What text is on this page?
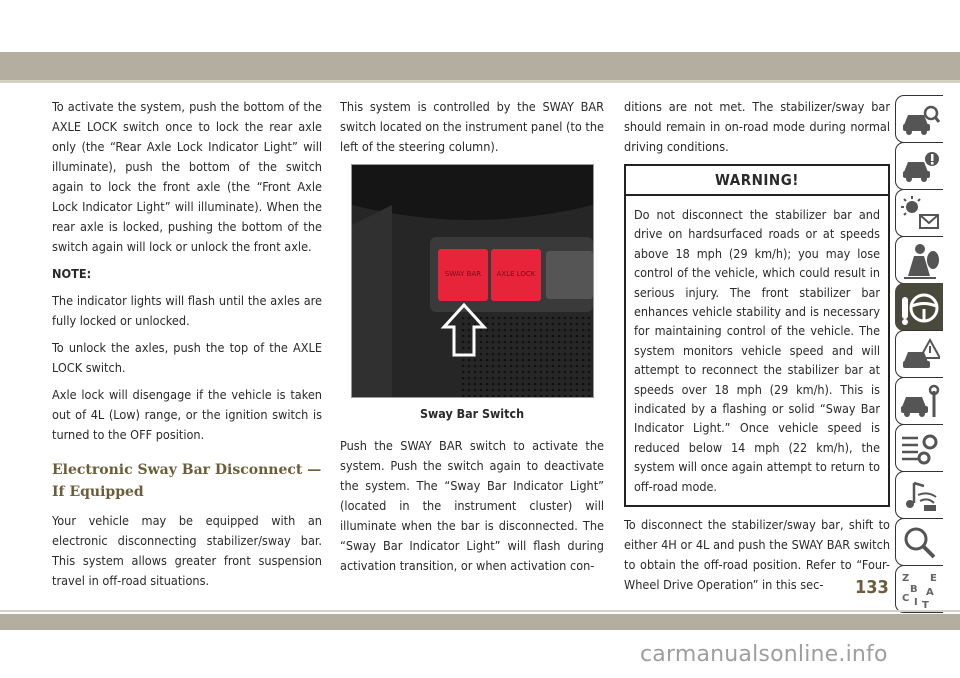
To activate the system, push the bottom of the AXLE LOCK switch once to lock the rear axle only (the “Rear Axle Lock Indicator Light” will illuminate), push the bottom of the switch again to lock the front axle (the “Front Axle Lock Indicator Light” will illuminate). When the rear axle is locked, pushing the bottom of the switch again will lock or unlock the front axle.

NOTE:

The indicator lights will flash until the axles are fully locked or unlocked.

To unlock the axles, push the top of the AXLE LOCK switch.

Axle lock will disengage if the vehicle is taken out of 4L (Low) range, or the ignition switch is turned to the OFF position.

Electronic Sway Bar Disconnect — If Equipped

Your vehicle may be equipped with an electronic disconnecting stabilizer/sway bar. This system allows greater front suspension travel in off-road situations.

This system is controlled by the SWAY BAR switch located on the instrument panel (to the left of the steering column).

SWAY BAR AXLE LOCK
Sway Bar Switch

Push the SWAY BAR switch to activate the system. Push the switch again to deactivate the system. The “Sway Bar Indicator Light” (located in the instrument cluster) will illuminate when the bar is disconnected. The “Sway Bar Indicator Light” will flash during activation transition, or when activation con-

ditions are not met. The stabilizer/sway bar should remain in on-road mode during normal driving conditions.

WARNING!
Do not disconnect the stabilizer bar and drive on hardsurfaced roads or at speeds above 18 mph (29 km/h); you may lose control of the vehicle, which could result in serious injury. The front stabilizer bar enhances vehicle stability and is necessary for maintaining control of the vehicle. The system monitors vehicle speed and will attempt to reconnect the stabilizer bar at speeds over 18 mph (29 km/h). This is indicated by a flashing or solid “Sway Bar Indicator Light.” Once vehicle speed is reduced below 14 mph (22 km/h), the system will once again attempt to return to off-road mode.

To disconnect the stabilizer/sway bar, shift to either 4H or 4L and push the SWAY BAR switch to obtain the off-road position. Refer to “Four-Wheel Drive Operation” in this sec-	133 Z E
B A
C I T
carmanualsonline.info
